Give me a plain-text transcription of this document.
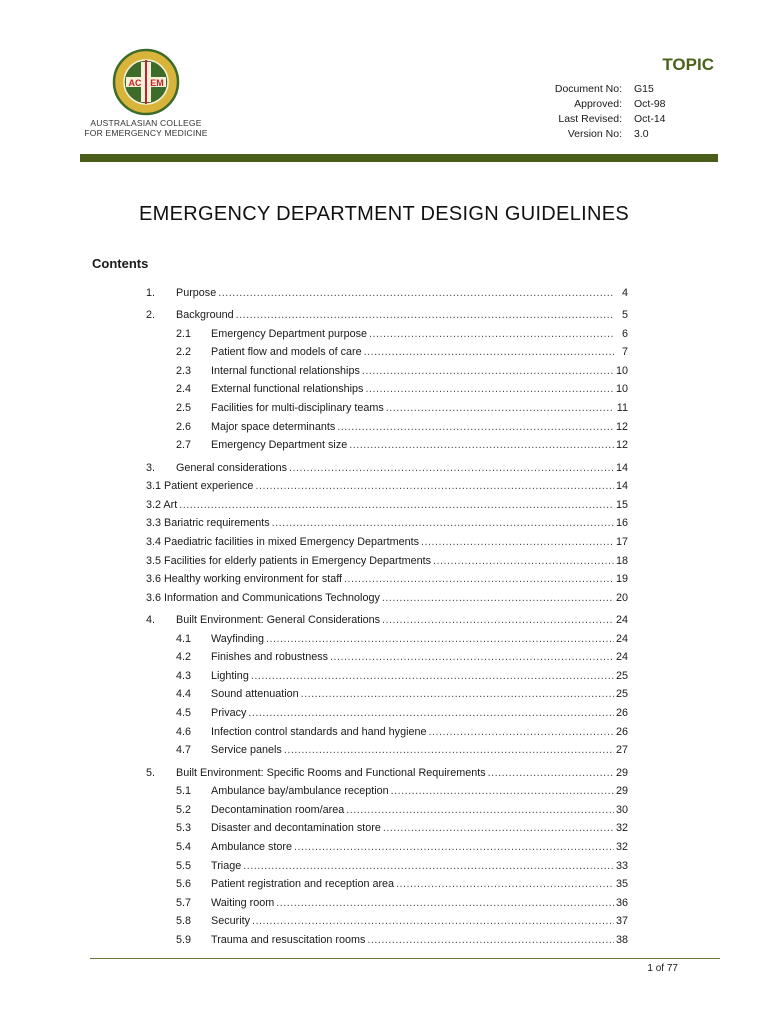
AC EM
AUSTRALASIAN COLLEGE
FOR EMERGENCY MEDICINE
TOPIC
Document No:	G15
Approved:	Oct-98
Last Revised:	Oct-14
Version No:	3.0
EMERGENCY DEPARTMENT DESIGN GUIDELINES
Contents
1.	Purpose .....	4
2.	Background .....	5
2.1	Emergency Department purpose .....	6
2.2	Patient flow and models of care .....	7
2.3	Internal functional relationships .....	10
2.4	External functional relationships .....	10
2.5	Facilities for multi-disciplinary teams .....	11
2.6	Major space determinants .....	12
2.7	Emergency Department size .....	12
3.	General considerations .....	14
3.1 Patient experience .....	14
3.2 Art .....	15
3.3 Bariatric requirements .....	16
3.4 Paediatric facilities in mixed Emergency Departments .....	17
3.5 Facilities for elderly patients in Emergency Departments .....	18
3.6 Healthy working environment for staff .....	19
3.6 Information and Communications Technology .....	20
4.	Built Environment: General Considerations .....	24
4.1	Wayfinding .....	24
4.2	Finishes and robustness .....	24
4.3	Lighting .....	25
4.4	Sound attenuation .....	25
4.5	Privacy .....	26
4.6	Infection control standards and hand hygiene .....	26
4.7	Service panels .....	27
5.	Built Environment: Specific Rooms and Functional Requirements .....	29
5.1	Ambulance bay/ambulance reception .....	29
5.2	Decontamination room/area .....	30
5.3	Disaster and decontamination store .....	32
5.4	Ambulance store .....	32
5.5	Triage .....	33
5.6	Patient registration and reception area .....	35
5.7	Waiting room .....	36
5.8	Security .....	37
5.9	Trauma and resuscitation rooms .....	38
1 of 77
